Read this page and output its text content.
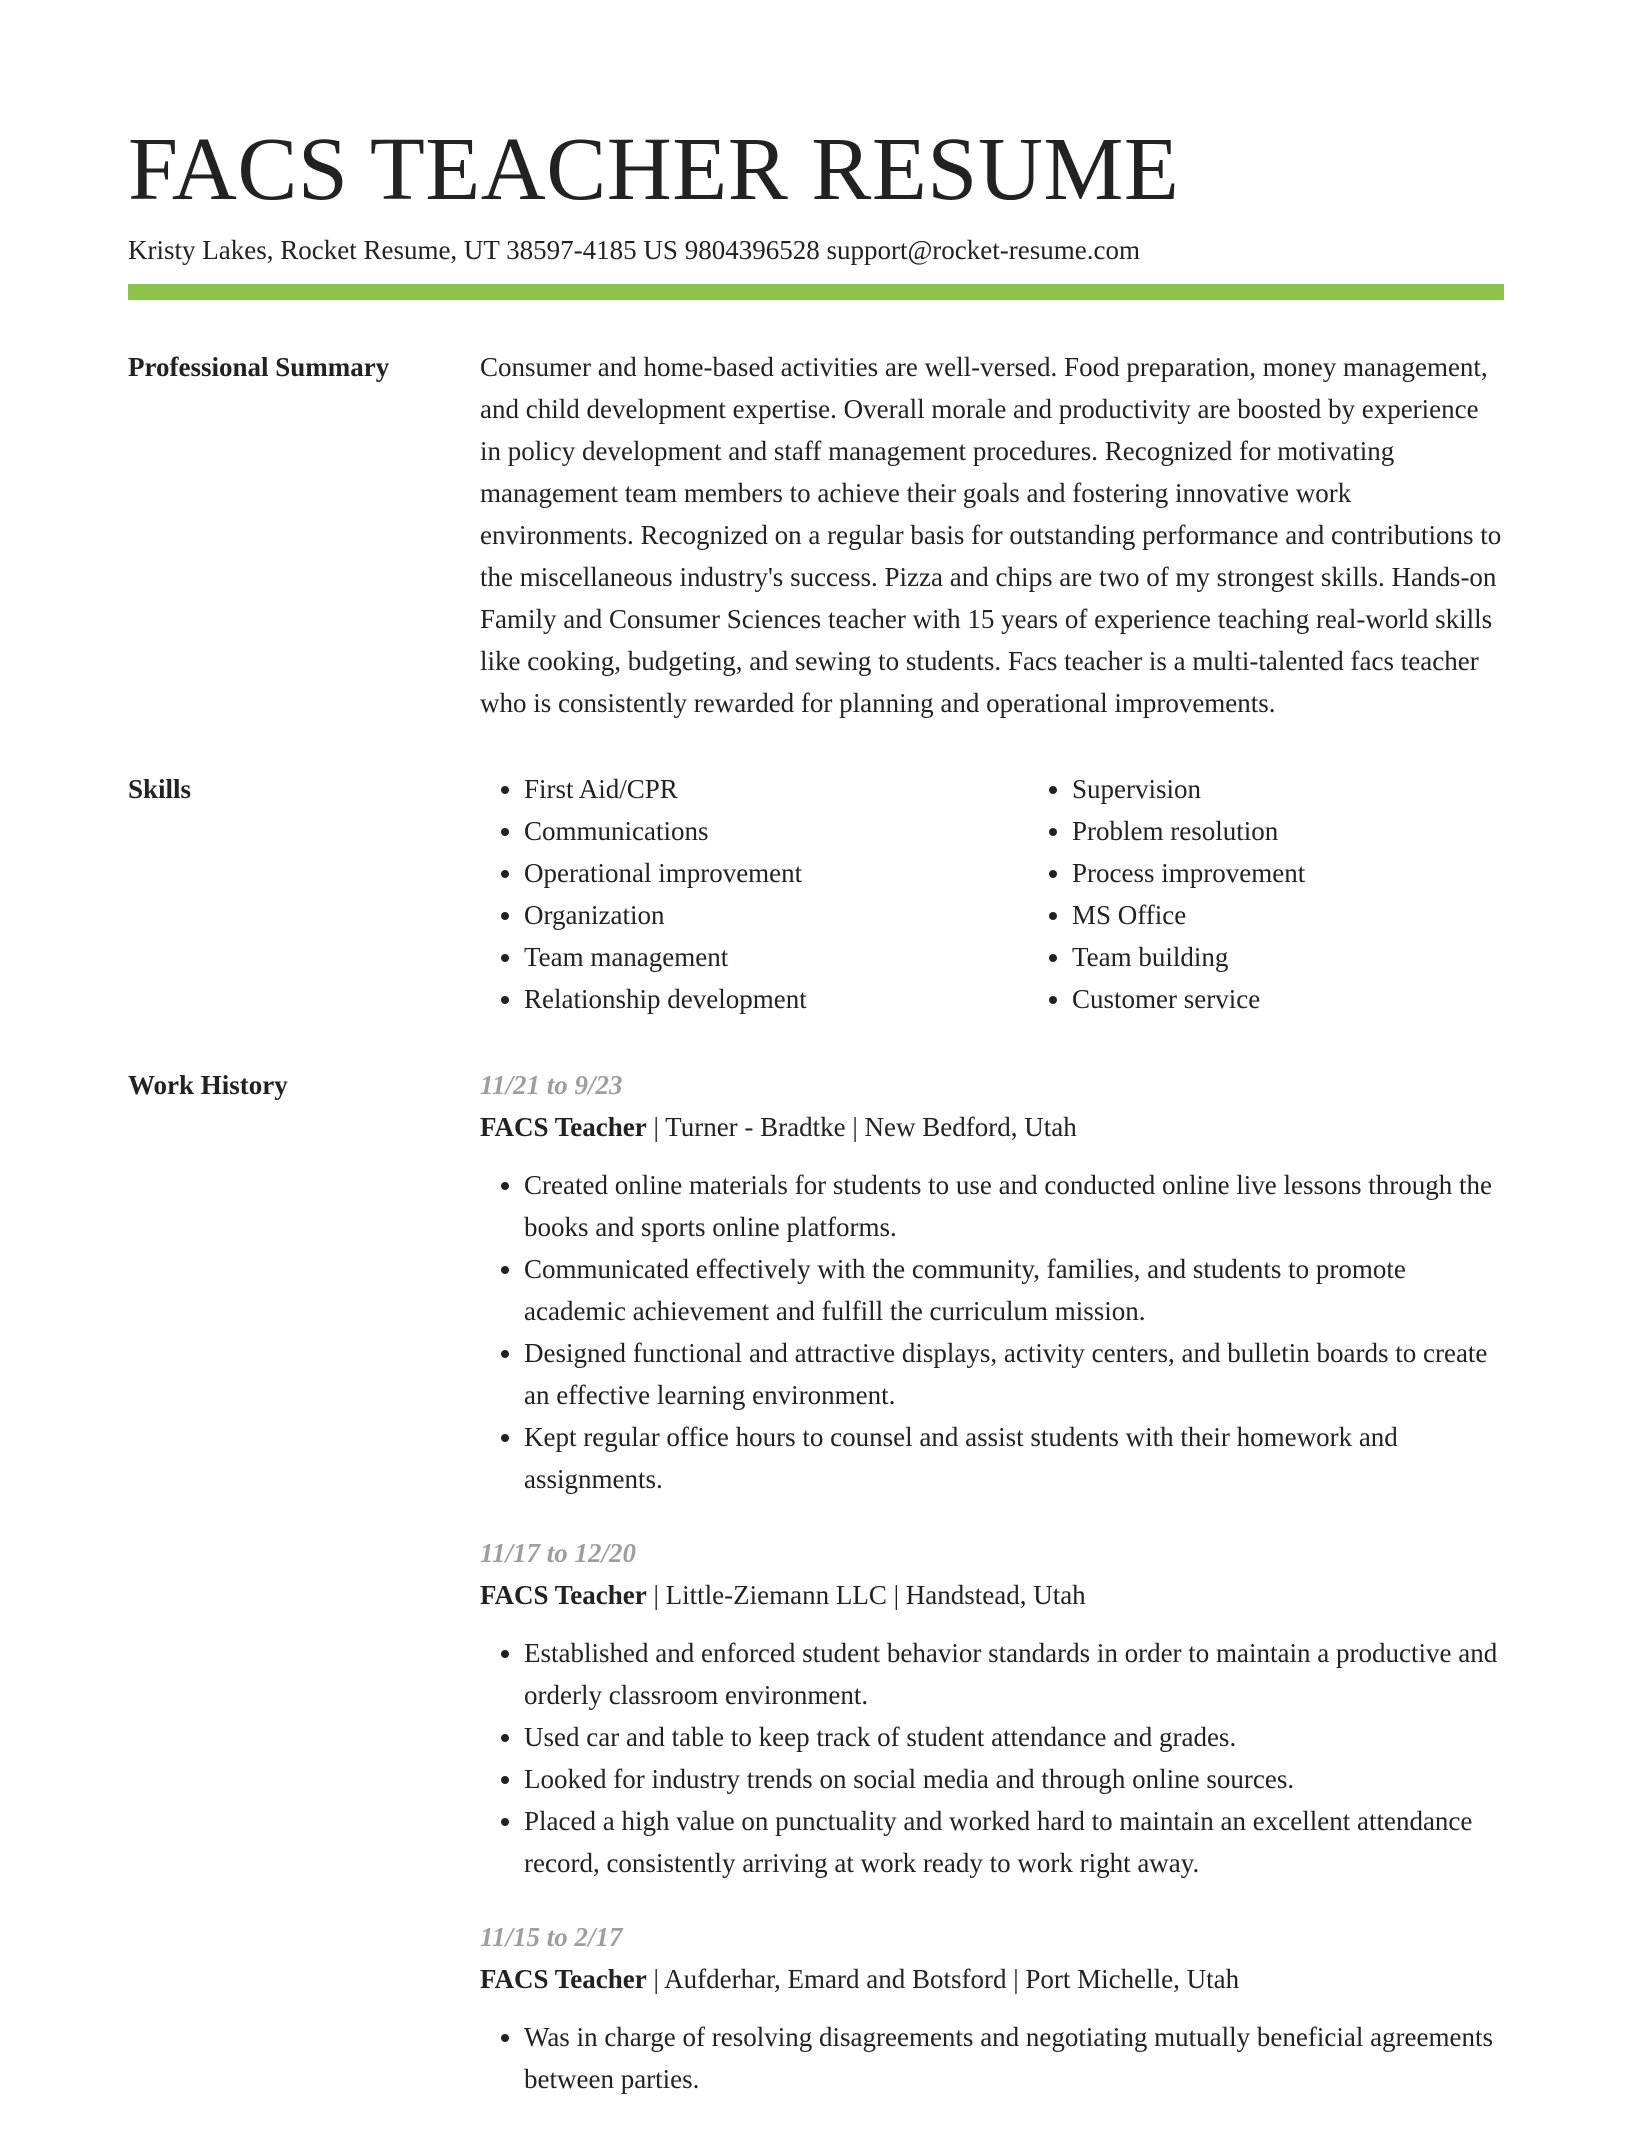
FACS TEACHER RESUME
Kristy Lakes, Rocket Resume, UT 38597-4185 US 9804396528 support@rocket-resume.com
Professional Summary	Consumer and home-based activities are well-versed. Food preparation, money management, and child development expertise. Overall morale and productivity are boosted by experience in policy development and staff management procedures. Recognized for motivating management team members to achieve their goals and fostering innovative work environments. Recognized on a regular basis for outstanding performance and contributions to the miscellaneous industry's success. Pizza and chips are two of my strongest skills. Hands-on Family and Consumer Sciences teacher with 15 years of experience teaching real-world skills like cooking, budgeting, and sewing to students. Facs teacher is a multi-talented facs teacher who is consistently rewarded for planning and operational improvements.

Skills
•	First Aid/CPR
• Communications
• Operational improvement
• Organization
• Team management
• Relationship development
• Supervision
• Problem resolution
• Process improvement
• MS Office
• Team building
• Customer service
Work History	11/21 to 9/23
FACS Teacher | Turner - Bradtke | New Bedford, Utah
• Created online materials for students to use and conducted online live lessons through the books and sports online platforms.
• Communicated effectively with the community, families, and students to promote academic achievement and fulfill the curriculum mission.
• Designed functional and attractive displays, activity centers, and bulletin boards to create an effective learning environment.
• Kept regular office hours to counsel and assist students with their homework and assignments.
11/17 to 12/20
FACS Teacher | Little-Ziemann LLC | Handstead, Utah
• Established and enforced student behavior standards in order to maintain a productive and orderly classroom environment.
• Used car and table to keep track of student attendance and grades.
• Looked for industry trends on social media and through online sources.
• Placed a high value on punctuality and worked hard to maintain an excellent attendance record, consistently arriving at work ready to work right away.
11/15 to 2/17
FACS Teacher | Aufderhar, Emard and Botsford | Port Michelle, Utah
• Was in charge of resolving disagreements and negotiating mutually beneficial agreements between parties.
